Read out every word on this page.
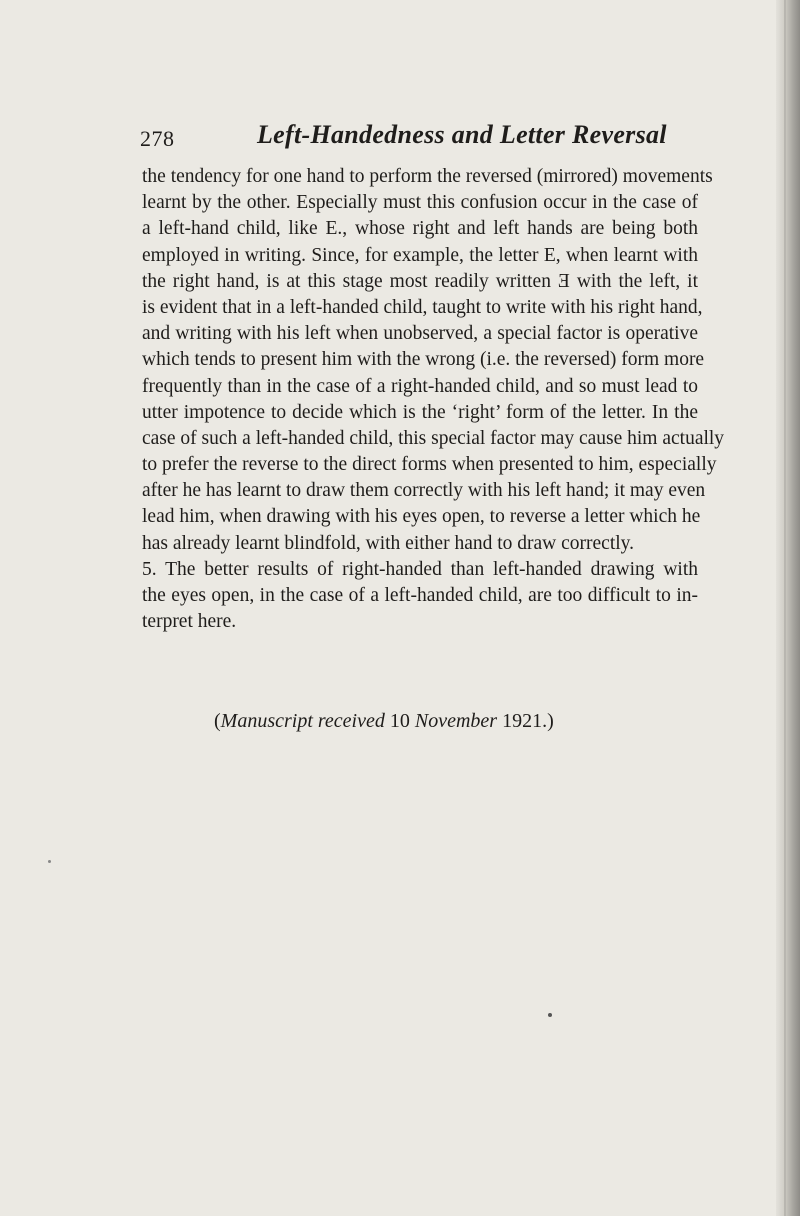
278	Left-Handedness and Letter Reversal
the tendency for one hand to perform the reversed (mirrored) movements
learnt by the other. Especially must this confusion occur in the case of
a left-hand child, like E., whose right and left hands are being both
employed in writing. Since, for example, the letter E, when learnt with
the right hand, is at this stage most readily written Ǝ with the left, it
is evident that in a left-handed child, taught to write with his right hand,
and writing with his left when unobserved, a special factor is operative
which tends to present him with the wrong (i.e. the reversed) form more
frequently than in the case of a right-handed child, and so must lead to
utter impotence to decide which is the ‘right’ form of the letter. In the
case of such a left-handed child, this special factor may cause him actually
to prefer the reverse to the direct forms when presented to him, especially
after he has learnt to draw them correctly with his left hand; it may even
lead him, when drawing with his eyes open, to reverse a letter which he
has already learnt blindfold, with either hand to draw correctly.
5. The better results of right-handed than left-handed drawing with
the eyes open, in the case of a left-handed child, are too difficult to in-
terpret here.
(Manuscript received 10 November 1921.)
